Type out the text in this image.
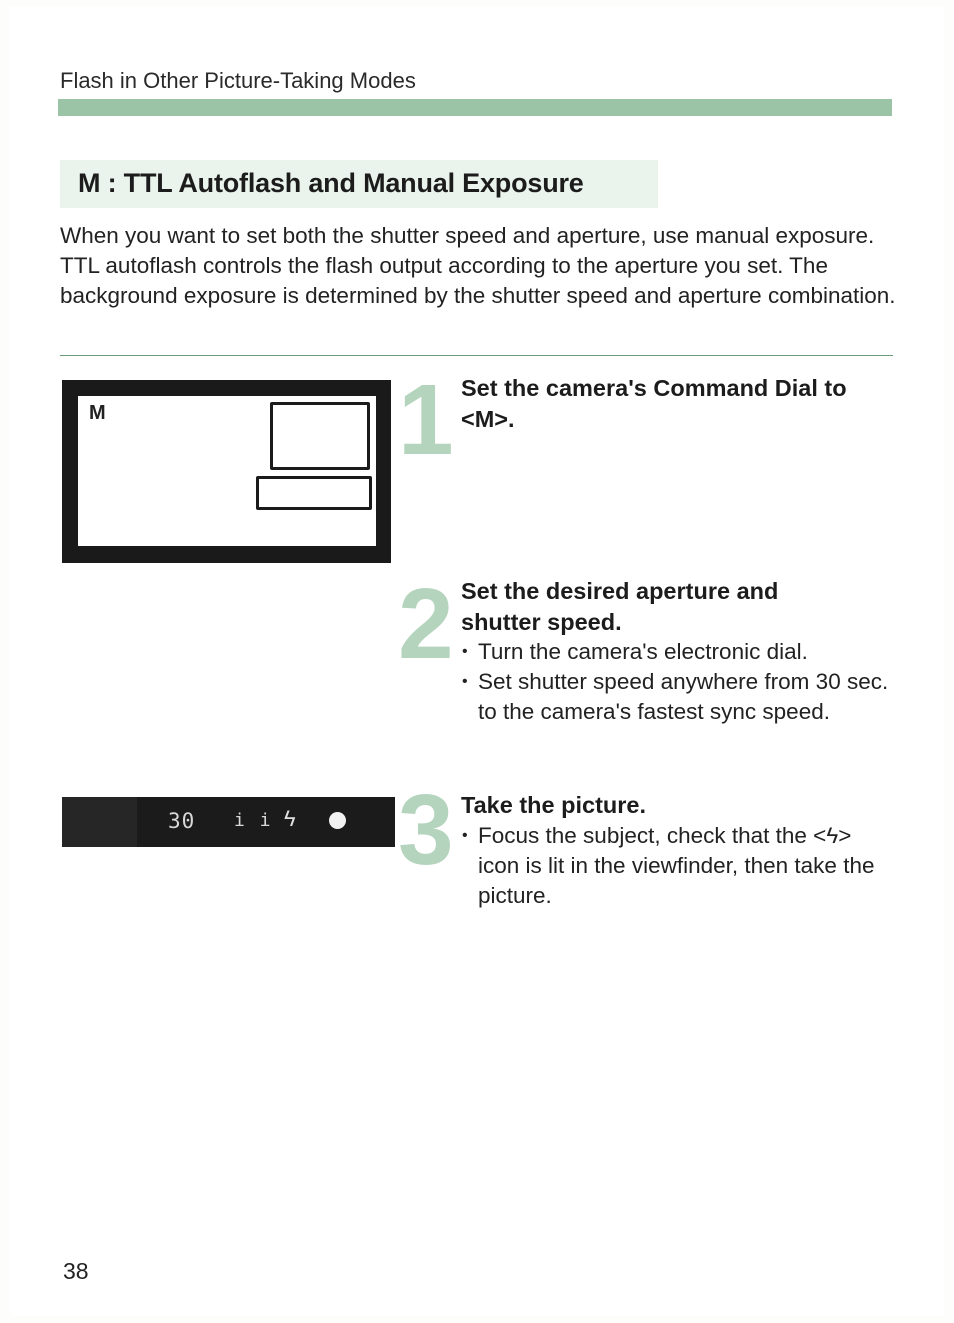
Flash in Other Picture-Taking Modes
M : TTL Autoflash and Manual Exposure

When you want to set both the shutter speed and aperture, use manual exposure. TTL autoflash controls the flash output according to the aperture you set. The background exposure is determined by the shutter speed and aperture combination.

M
30 i i ϟ
1 Set the camera's Command Dial to <M>.
2 Set the desired aperture and shutter speed.
• Turn the camera's electronic dial.
• Set shutter speed anywhere from 30 sec. to the camera's fastest sync speed.
3 Take the picture.
• Focus the subject, check that the <ϟ> icon is lit in the viewfinder, then take the picture.
38
